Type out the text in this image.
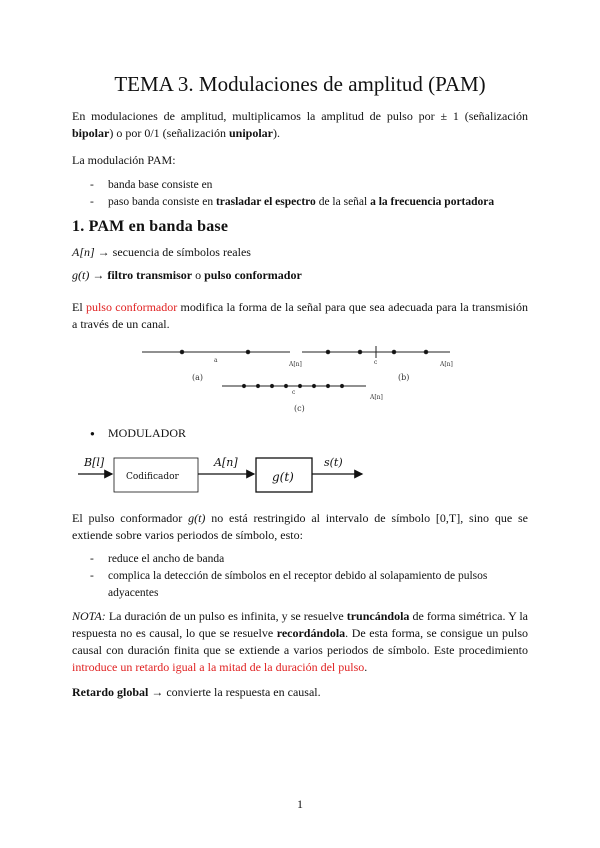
TEMA 3. Modulaciones de amplitud (PAM)

En modulaciones de amplitud, multiplicamos la amplitud de pulso por ± 1 (señalización bipolar) o por 0/1 (señalización unipolar).

La modulación PAM:

- banda base consiste en
- paso banda consiste en trasladar el espectro de la señal a la frecuencia portadora
1. PAM en banda base

A[n] → secuencia de símbolos reales

g(t) → filtro transmisor o pulso conformador

El pulso conformador modifica la forma de la señal para que sea adecuada para la transmisión a través de un canal.

a
A[n]	c	A[n]
c
A[n]
(a)	(b)
(c)
● MODULADOR
B[l]
Codificador
A[n]
g(t)
s(t)

El pulso conformador g(t) no está restringido al intervalo de símbolo [0,T], sino que se extiende sobre varios periodos de símbolo, esto:

- reduce el ancho de banda
- complica la detección de símbolos en el receptor debido al solapamiento de pulsos adyacentes

NOTA: La duración de un pulso es infinita, y se resuelve truncándola de forma simétrica. Y la respuesta no es causal, lo que se resuelve recordándola. De esta forma, se consigue un pulso causal con duración finita que se extiende a varios periodos de símbolo. Este procedimiento introduce un retardo igual a la mitad de la duración del pulso.

Retardo global → convierte la respuesta en causal.

1
